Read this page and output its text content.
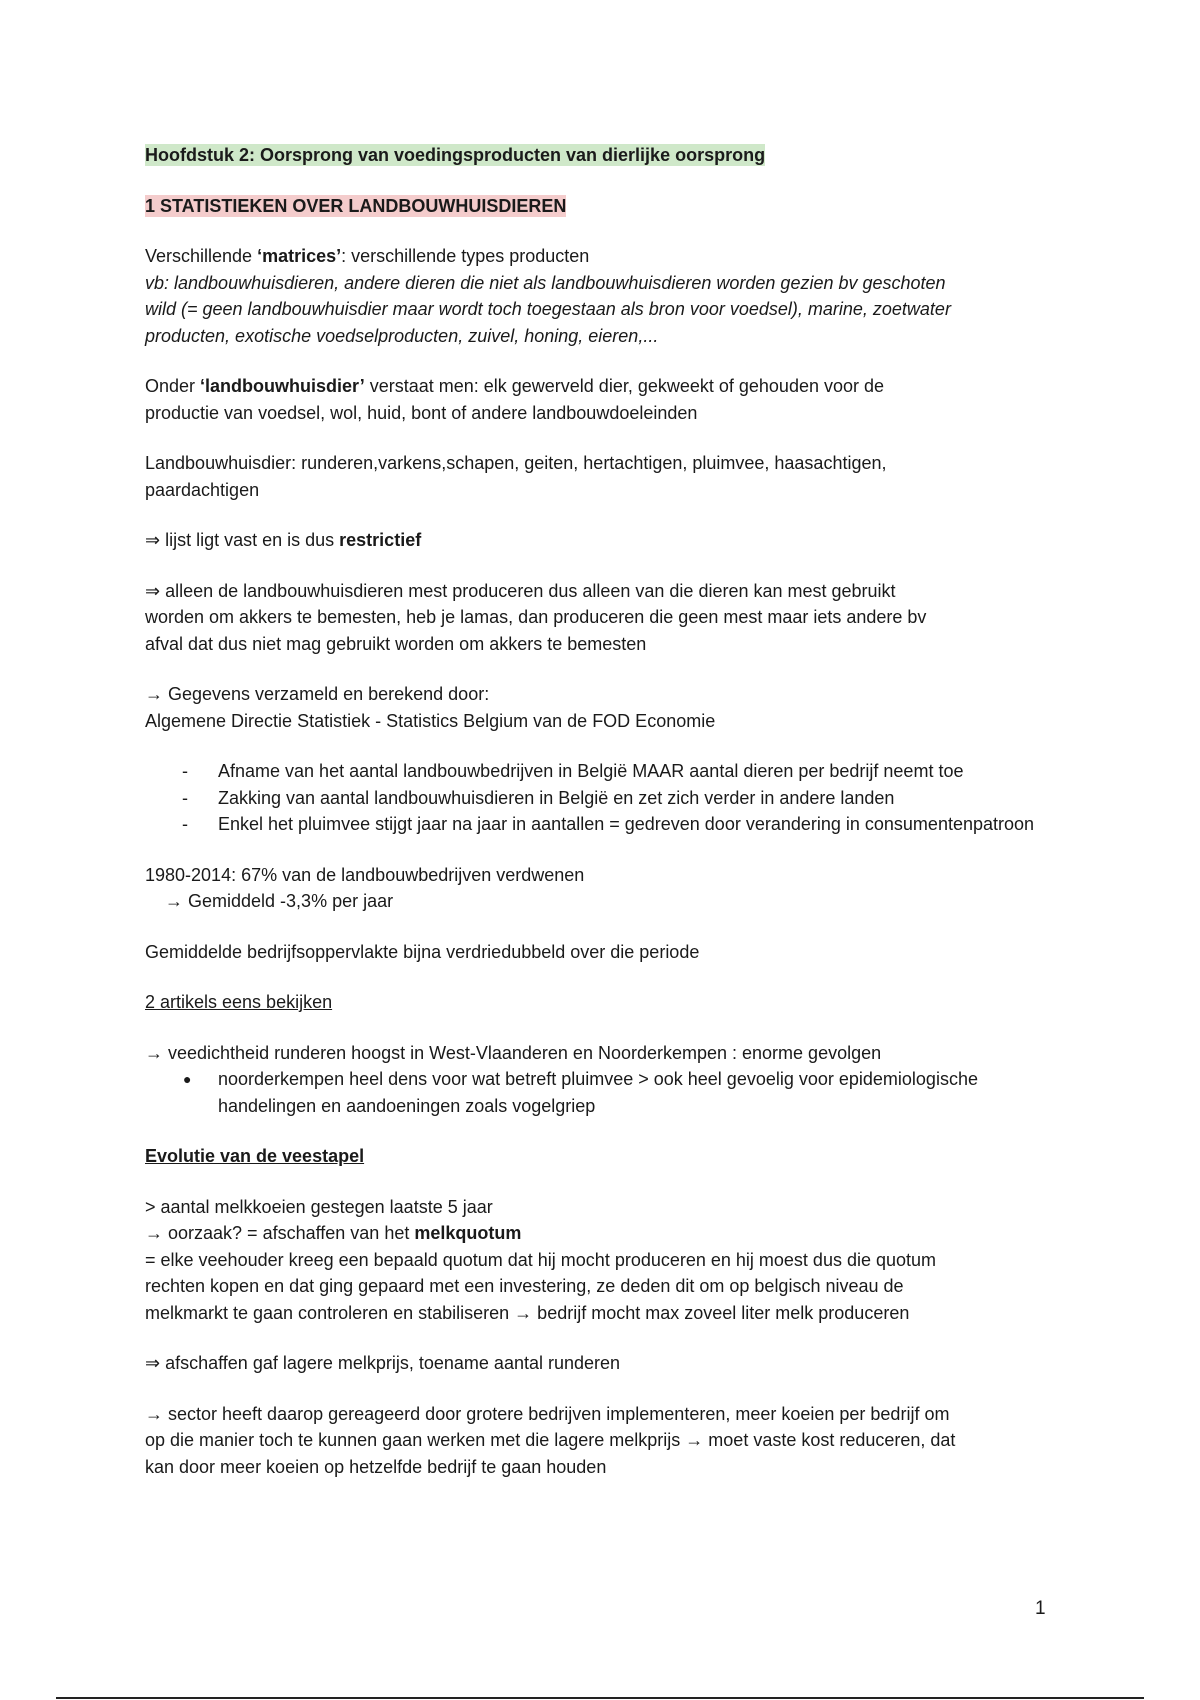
Hoofdstuk 2: Oorsprong van voedingsproducten van dierlijke oorsprong

1 STATISTIEKEN OVER LANDBOUWHUISDIEREN

Verschillende ‘matrices’: verschillende types producten
vb: landbouwhuisdieren, andere dieren die niet als landbouwhuisdieren worden gezien bv geschoten
wild (= geen landbouwhuisdier maar wordt toch toegestaan als bron voor voedsel), marine, zoetwater
producten, exotische voedselproducten, zuivel, honing, eieren,...

Onder ‘landbouwhuisdier’ verstaat men: elk gewerveld dier, gekweekt of gehouden voor de
productie van voedsel, wol, huid, bont of andere landbouwdoeleinden

Landbouwhuisdier: runderen,varkens,schapen, geiten, hertachtigen, pluimvee, haasachtigen,
paardachtigen

⇒ lijst ligt vast en is dus restrictief

⇒ alleen de landbouwhuisdieren mest produceren dus alleen van die dieren kan mest gebruikt
worden om akkers te bemesten, heb je lamas, dan produceren die geen mest maar iets andere bv
afval dat dus niet mag gebruikt worden om akkers te bemesten

→ Gegevens verzameld en berekend door:
Algemene Directie Statistiek - Statistics Belgium van de FOD Economie

- Afname van het aantal landbouwbedrijven in België MAAR aantal dieren per bedrijf neemt toe
- Zakking van aantal landbouwhuisdieren in België en zet zich verder in andere landen
- Enkel het pluimvee stijgt jaar na jaar in aantallen = gedreven door verandering in consumentenpatroon

1980-2014: 67% van de landbouwbedrijven verdwenen
→ Gemiddeld -3,3% per jaar

Gemiddelde bedrijfsoppervlakte bijna verdriedubbeld over die periode

2 artikels eens bekijken

→ veedichtheid runderen hoogst in West-Vlaanderen en Noorderkempen : enorme gevolgen

● noorderkempen heel dens voor wat betreft pluimvee > ook heel gevoelig voor epidemiologische handelingen en aandoeningen zoals vogelgriep

Evolutie van de veestapel

> aantal melkkoeien gestegen laatste 5 jaar
→ oorzaak? = afschaffen van het melkquotum
= elke veehouder kreeg een bepaald quotum dat hij mocht produceren en hij moest dus die quotum
rechten kopen en dat ging gepaard met een investering, ze deden dit om op belgisch niveau de
melkmarkt te gaan controleren en stabiliseren → bedrijf mocht max zoveel liter melk produceren

⇒ afschaffen gaf lagere melkprijs, toename aantal runderen

→ sector heeft daarop gereageerd door grotere bedrijven implementeren, meer koeien per bedrijf om
op die manier toch te kunnen gaan werken met die lagere melkprijs → moet vaste kost reduceren, dat
kan door meer koeien op hetzelfde bedrijf te gaan houden

1
